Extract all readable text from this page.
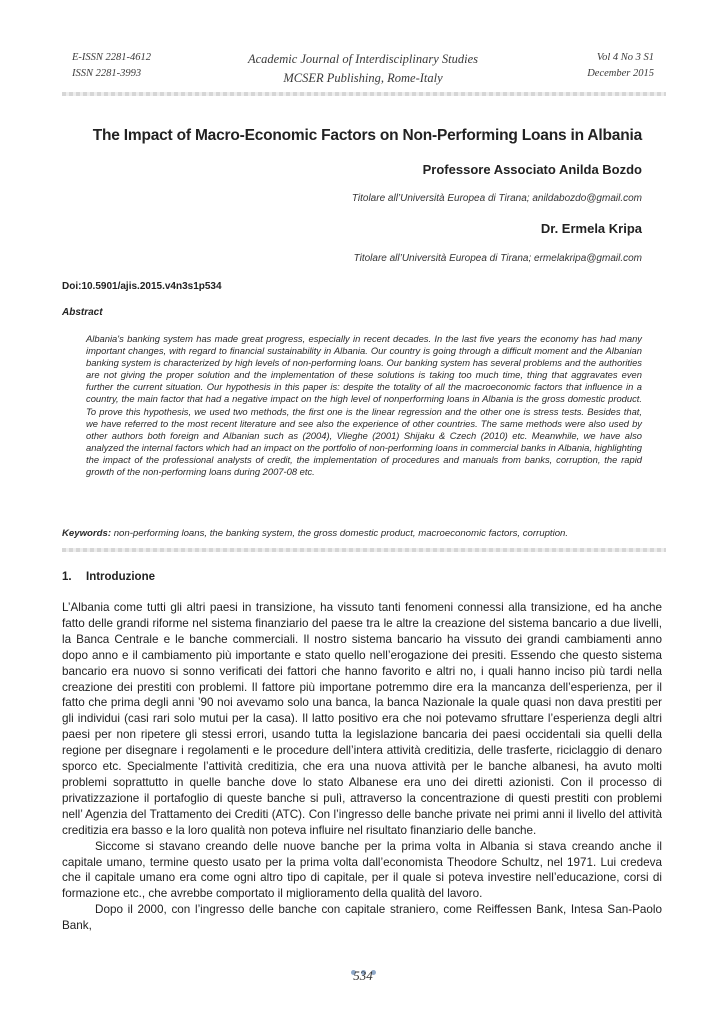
E-ISSN 2281-4612
ISSN 2281-3993
Academic Journal of Interdisciplinary Studies
MCSER Publishing, Rome-Italy
Vol 4 No 3 S1
December 2015
The Impact of Macro-Economic Factors on Non-Performing Loans in Albania
Professore Associato Anilda Bozdo
Titolare all’Università Europea di Tirana; anildabozdo@gmail.com
Dr. Ermela Kripa
Titolare all’Università Europea di Tirana; ermelakripa@gmail.com
Doi:10.5901/ajis.2015.v4n3s1p534
Abstract
Albania's banking system has made great progress, especially in recent decades. In the last five years the economy has had many important changes, with regard to financial sustainability in Albania. Our country is going through a difficult moment and the Albanian banking system is characterized by high levels of non-performing loans. Our banking system has several problems and the authorities are not giving the proper solution and the implementation of these solutions is taking too much time, thing that aggravates even further the current situation. Our hypothesis in this paper is: despite the totality of all the macroeconomic factors that influence in a country, the main factor that had a negative impact on the high level of nonperforming loans in Albania is the gross domestic product. To prove this hypothesis, we used two methods, the first one is the linear regression and the other one is stress tests. Besides that, we have referred to the most recent literature and see also the experience of other countries. The same methods were also used by other authors both foreign and Albanian such as (2004), Vlieghe (2001) Shijaku & Czech (2010) etc. Meanwhile, we have also analyzed the internal factors which had an impact on the portfolio of non-performing loans in commercial banks in Albania, highlighting the impact of the professional analysts of credit, the implementation of procedures and manuals from banks, corruption, the rapid growth of the non-performing loans during 2007-08 etc.
Keywords: non-performing loans, the banking system, the gross domestic product, macroeconomic factors, corruption.
1. Introduzione

L’Albania come tutti gli altri paesi in transizione, ha vissuto tanti fenomeni connessi alla transizione, ed ha anche fatto delle grandi riforme nel sistema finanziario del paese tra le altre la creazione del sistema bancario a due livelli, la Banca Centrale e le banche commerciali. Il nostro sistema bancario ha vissuto dei grandi cambiamenti anno dopo anno e il cambiamento più importante e stato quello nell’erogazione dei presiti. Essendo che questo sistema bancario era nuovo si sonno verificati dei fattori che hanno favorito e altri no, i quali hanno inciso più tardi nella creazione dei prestiti con problemi. Il fattore più importane potremmo dire era la mancanza dell’esperienza, per il fatto che prima degli anni ’90 noi avevamo solo una banca, la banca Nazionale la quale quasi non dava prestiti per gli individui (casi rari solo mutui per la casa). Il latto positivo era che noi potevamo sfruttare l’esperienza degli altri paesi per non ripetere gli stessi errori, usando tutta la legislazione bancaria dei paesi occidentali sia quelli della regione per disegnare i regolamenti e le procedure dell’intera attività creditizia, delle trasferte, riciclaggio di denaro sporco etc. Specialmente l’attività creditizia, che era una nuova attività per le banche albanesi, ha avuto molti problemi soprattutto in quelle banche dove lo stato Albanese era uno dei diretti azionisti. Con il processo di privatizzazione il portafoglio di queste banche si pulì, attraverso la concentrazione di questi prestiti con problemi nell’ Agenzia del Trattamento dei Crediti (ATC). Con l’ingresso delle banche private nei primi anni il livello del attività creditizia era basso e la loro qualità non poteva influire nel risultato finanziario delle banche.

Siccome si stavano creando delle nuove banche per la prima volta in Albania si stava creando anche il capitale umano, termine questo usato per la prima volta dall’economista Theodore Schultz, nel 1971. Lui credeva che il capitale umano era come ogni altro tipo di capitale, per il quale si poteva investire nell’educazione, corsi di formazione etc., che avrebbe comportato il miglioramento della qualità del lavoro.

Dopo il 2000, con l’ingresso delle banche con capitale straniero, come Reiffessen Bank, Intesa San-Paolo Bank,

534
